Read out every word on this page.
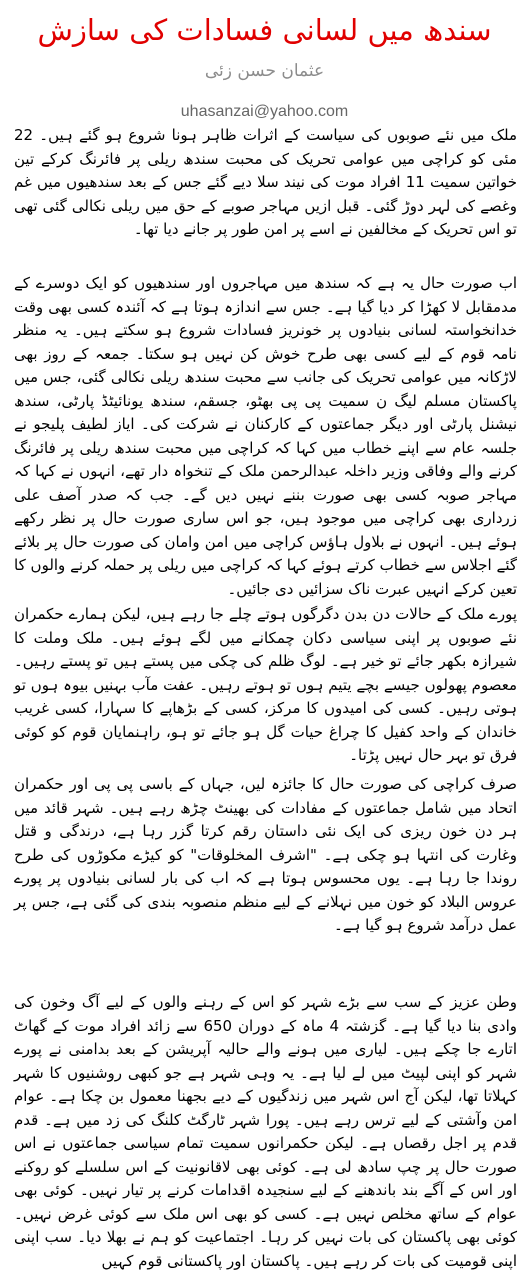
سندھ میں لسانی فسادات کی سازش
عثمان حسن زئی
uhasanzai@yahoo.com

ملک میں نئے صوبوں کی سیاست کے اثرات ظاہر ہونا شروع ہو گئے ہیں۔ 22 مئی کو کراچی میں عوامی تحریک کی محبت سندھ ریلی پر فائرنگ کرکے تین خواتین سمیت 11 افراد موت کی نیند سلا دیے گئے جس کے بعد سندھیوں میں غم وغصے کی لہر دوڑ گئی۔ قبل ازیں مہاجر صوبے کے حق میں ریلی نکالی گئی تھی تو اس تحریک کے مخالفین نے اسے پر امن طور پر جانے دیا تھا۔

اب صورت حال یہ ہے کہ سندھ میں مہاجروں اور سندھیوں کو ایک دوسرے کے مدمقابل لا کھڑا کر دیا گیا ہے۔ جس سے اندازہ ہوتا ہے کہ آئندہ کسی بھی وقت خدانخواستہ لسانی بنیادوں پر خونریز فسادات شروع ہو سکتے ہیں۔ یہ منظر نامہ قوم کے لیے کسی بھی طرح خوش کن نہیں ہو سکتا۔ جمعہ کے روز بھی لاڑکانہ میں عوامی تحریک کی جانب سے محبت سندھ ریلی نکالی گئی، جس میں پاکستان مسلم لیگ ن سمیت پی پی بھٹو، جسقم، سندھ یونائیٹڈ پارٹی، سندھ نیشنل پارٹی اور دیگر جماعتوں کے کارکنان نے شرکت کی۔ ایاز لطیف پلیجو نے جلسہ عام سے اپنے خطاب میں کہا کہ کراچی میں محبت سندھ ریلی پر فائرنگ کرنے والے وفاقی وزیر داخلہ عبدالرحمن ملک کے تنخواہ دار تھے، انہوں نے کہا کہ مہاجر صوبہ کسی بھی صورت بننے نہیں دیں گے۔ جب کہ صدر آصف علی زرداری بھی کراچی میں موجود ہیں، جو اس ساری صورت حال پر نظر رکھے ہوئے ہیں۔ انہوں نے بلاول ہاؤس کراچی میں امن وامان کی صورت حال پر بلائے گئے اجلاس سے خطاب کرتے ہوئے کہا کہ کراچی میں ریلی پر حملہ کرنے والوں کا تعین کرکے انہیں عبرت ناک سزائیں دی جائیں۔

پورے ملک کے حالات دن بدن دگرگوں ہوتے چلے جا رہے ہیں، لیکن ہمارے حکمران نئے صوبوں پر اپنی سیاسی دکان چمکانے میں لگے ہوئے ہیں۔ ملک وملت کا شیرازہ بکھر جائے تو خیر ہے۔ لوگ ظلم کی چکی میں پستے ہیں تو پستے رہیں۔ معصوم پھولوں جیسے بچے یتیم ہوں تو ہوتے رہیں۔ عفت مآب بہنیں بیوہ ہوں تو ہوتی رہیں۔ کسی کی امیدوں کا مرکز، کسی کے بڑھاپے کا سہارا، کسی غریب خاندان کے واحد کفیل کا چراغ حیات گل ہو جائے تو ہو، راہنمایان قوم کو کوئی فرق تو بہر حال نہیں پڑتا۔

صرف کراچی کی صورت حال کا جائزہ لیں، جہاں کے باسی پی پی اور حکمران اتحاد میں شامل جماعتوں کے مفادات کی بھینٹ چڑھ رہے ہیں۔ شہر قائد میں ہر دن خون ریزی کی ایک نئی داستان رقم کرتا گزر رہا ہے، درندگی و قتل وغارت کی انتہا ہو چکی ہے۔ "اشرف المخلوقات" کو کیڑے مکوڑوں کی طرح روندا جا رہا ہے۔ یوں محسوس ہوتا ہے کہ اب کی بار لسانی بنیادوں پر پورے عروس البلاد کو خون میں نہلانے کے لیے منظم منصوبہ بندی کی گئی ہے، جس پر عمل درآمد شروع ہو گیا ہے۔

وطن عزیز کے سب سے بڑے شہر کو اس کے رہنے والوں کے لیے آگ وخون کی وادی بنا دیا گیا ہے۔ گزشتہ 4 ماہ کے دوران 650 سے زائد افراد موت کے گھاٹ اتارے جا چکے ہیں۔ لیاری میں ہونے والے حالیہ آپریشن کے بعد بدامنی نے پورے شہر کو اپنی لپیٹ میں لے لیا ہے۔ یہ وہی شہر ہے جو کبھی روشنیوں کا شہر کہلاتا تھا، لیکن آج اس شہر میں زندگیوں کے دیے بجھنا معمول بن چکا ہے۔ عوام امن وآشتی کے لیے ترس رہے ہیں۔ پورا شہر ٹارگٹ کلنگ کی زد میں ہے۔ قدم قدم پر اجل رقصاں ہے۔ لیکن حکمرانوں سمیت تمام سیاسی جماعتوں نے اس صورت حال پر چپ سادھ لی ہے۔ کوئی بھی لاقانونیت کے اس سلسلے کو روکنے اور اس کے آگے بند باندھنے کے لیے سنجیدہ اقدامات کرنے پر تیار نہیں۔ کوئی بھی عوام کے ساتھ مخلص نہیں ہے۔ کسی کو بھی اس ملک سے کوئی غرض نہیں۔ کوئی بھی پاکستان کی بات نہیں کر رہا۔ اجتماعیت کو ہم نے بھلا دیا۔ سب اپنی اپنی قومیت کی بات کر رہے ہیں۔ پاکستان اور پاکستانی قوم کہیں
